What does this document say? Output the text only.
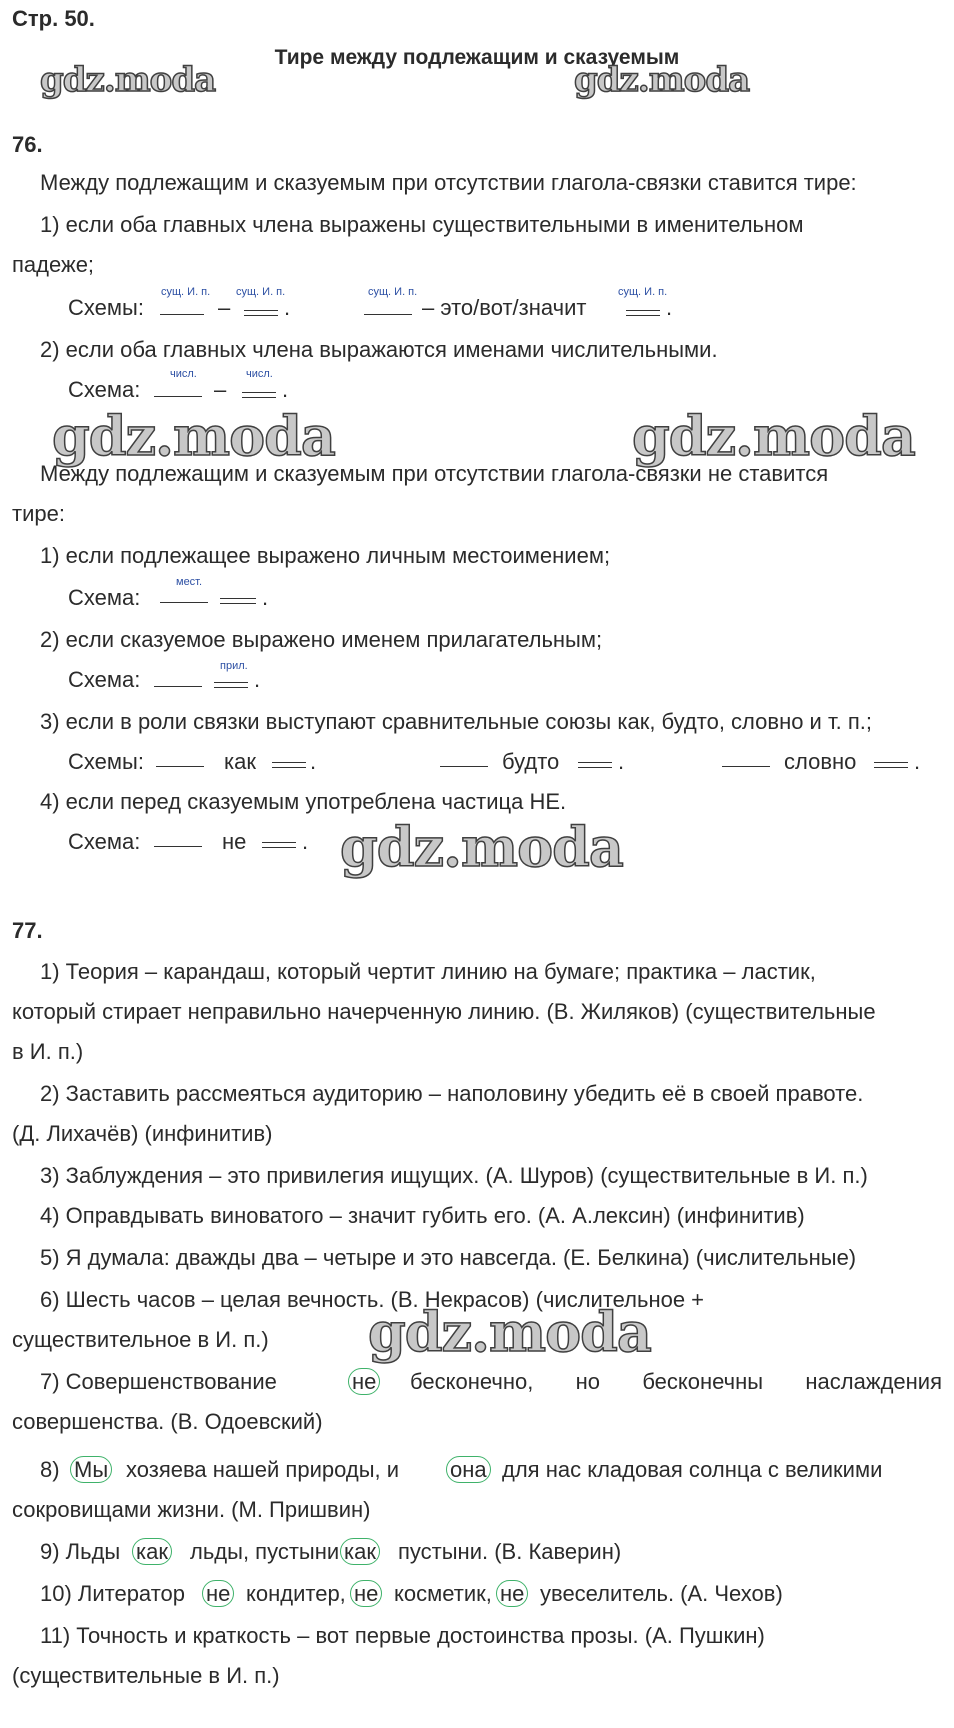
Стр. 50.
Тире между подлежащим и сказуемым
gdz.moda	gdz.moda
gdz.moda	gdz.moda
gdz.moda
gdz.moda
76.
Между подлежащим и сказуемым при отсутствии глагола-связки ставится тире:
1) если оба главных члена выражены существительными в именительном
падеже;
Схемы:
сущ. И. п.
–
сущ. И. п.
.
сущ. И. п.
– это/вот/значит
сущ. И. п.
.
2) если оба главных члена выражаются именами числительными.
Схема:
числ.
–
числ.
.
Между подлежащим и сказуемым при отсутствии глагола-связки не ставится
тире:
1) если подлежащее выражено личным местоимением;
Схема:
мест.
.
2) если сказуемое выражено именем прилагательным;
Схема:
прил.
.
3) если в роли связки выступают сравнительные союзы как, будто, словно и т. п.;
Схемы:	как .	будто	.	словно	.
4) если перед сказуемым употреблена частица НЕ.
Схема:	не	.
77.
1) Теория – карандаш, который чертит линию на бумаге; практика – ластик,
который стирает неправильно начерченную линию. (В. Жиляков) (существительные
в И. п.)
2) Заставить рассмеяться аудиторию – наполовину убедить её в своей правоте.
(Д. Лихачёв) (инфинитив)
3) Заблуждения – это привилегия ищущих. (А. Шуров) (существительные в И. п.)
4) Оправдывать виноватого – значит губить его. (А. А.лексин) (инфинитив)
5) Я думала: дважды два – четыре и это навсегда. (Е. Белкина) (числительные)
6) Шесть часов – целая вечность. (В. Некрасов) (числительное +
существительное в И. п.)
7) Совершенствование	не бесконечно, но бесконечны наслаждения
совершенства. (В. Одоевский)
8) Мы хозяева нашей природы, и она для нас кладовая солнца с великими
сокровищами жизни. (М. Пришвин)
9) Льды как льды, пустыни как пустыни. (В. Каверин)
10) Литератор не кондитер, не косметик, не увеселитель. (А. Чехов)
11) Точность и краткость – вот первые достоинства прозы. (А. Пушкин)
(существительные в И. п.)
